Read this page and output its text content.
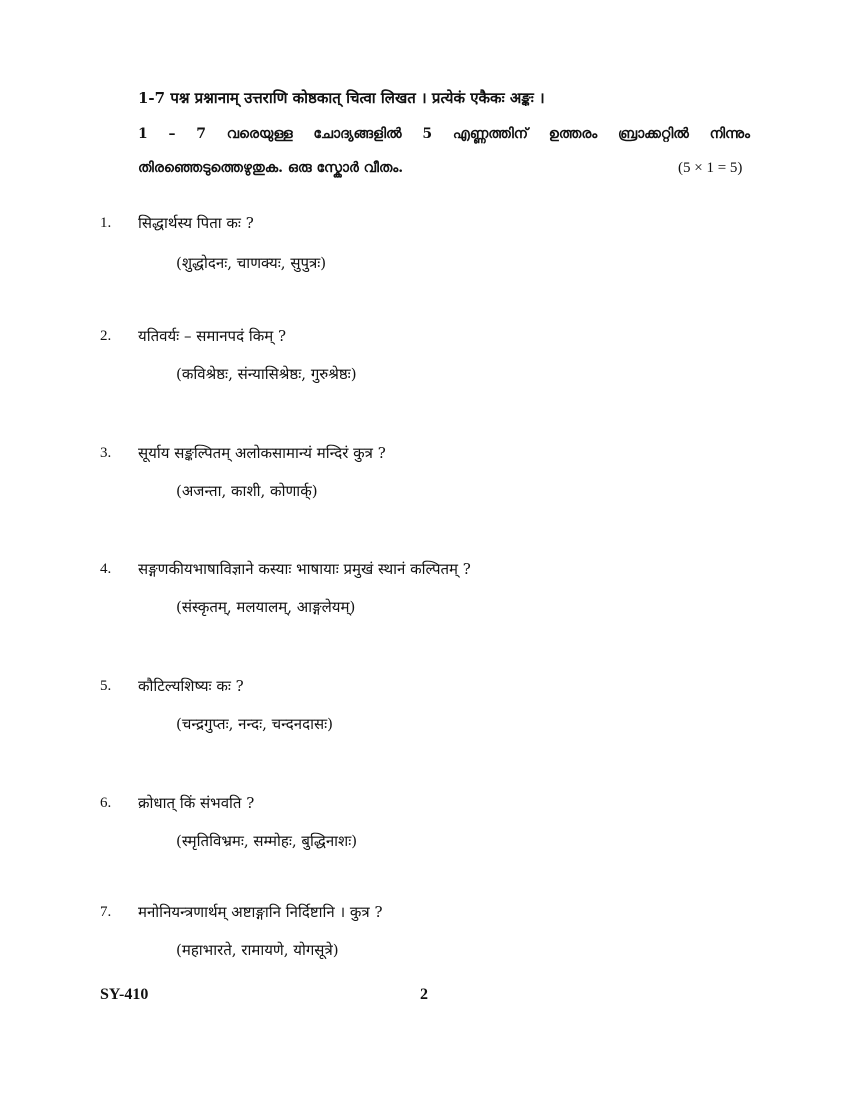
1-7 पश्न प्रश्नानाम् उत्तराणि कोष्ठकात् चित्वा लिखत । प्रत्येकं एकैकः अङ्कः ।
1 – 7 വരെയുള്ള ചോദ്യങ്ങളിൽ 5 എണ്ണത്തിന് ഉത്തരം ബ്രാക്കറ്റിൽ നിന്നും
തിരഞ്ഞെടുത്തെഴുതുക. ഒരു സ്കോർ വീതം.	(5 × 1 = 5)
1. सिद्धार्थस्य पिता कः ?
(शुद्धोदनः, चाणक्यः, सुपुत्रः)
2. यतिवर्यः – समानपदं किम् ?
(कविश्रेष्ठः, संन्यासिश्रेष्ठः, गुरुश्रेष्ठः)
3. सूर्याय सङ्कल्पितम् अलोकसामान्यं मन्दिरं कुत्र ?
(अजन्ता, काशी, कोणार्क्)
4. सङ्गणकीयभाषाविज्ञाने कस्याः भाषायाः प्रमुखं स्थानं कल्पितम् ?
(संस्कृतम्, मलयालम्, आङ्गलेयम्)
5. कौटिल्यशिष्यः कः ?
(चन्द्रगुप्तः, नन्दः, चन्दनदासः)
6. क्रोधात् किं संभवति ?
(स्मृतिविभ्रमः, सम्मोहः, बुद्धिनाशः)
7. मनोनियन्त्रणार्थम् अष्टाङ्गानि निर्दिष्टानि । कुत्र ?
(महाभारते, रामायणे, योगसूत्रे)
SY-410	2
